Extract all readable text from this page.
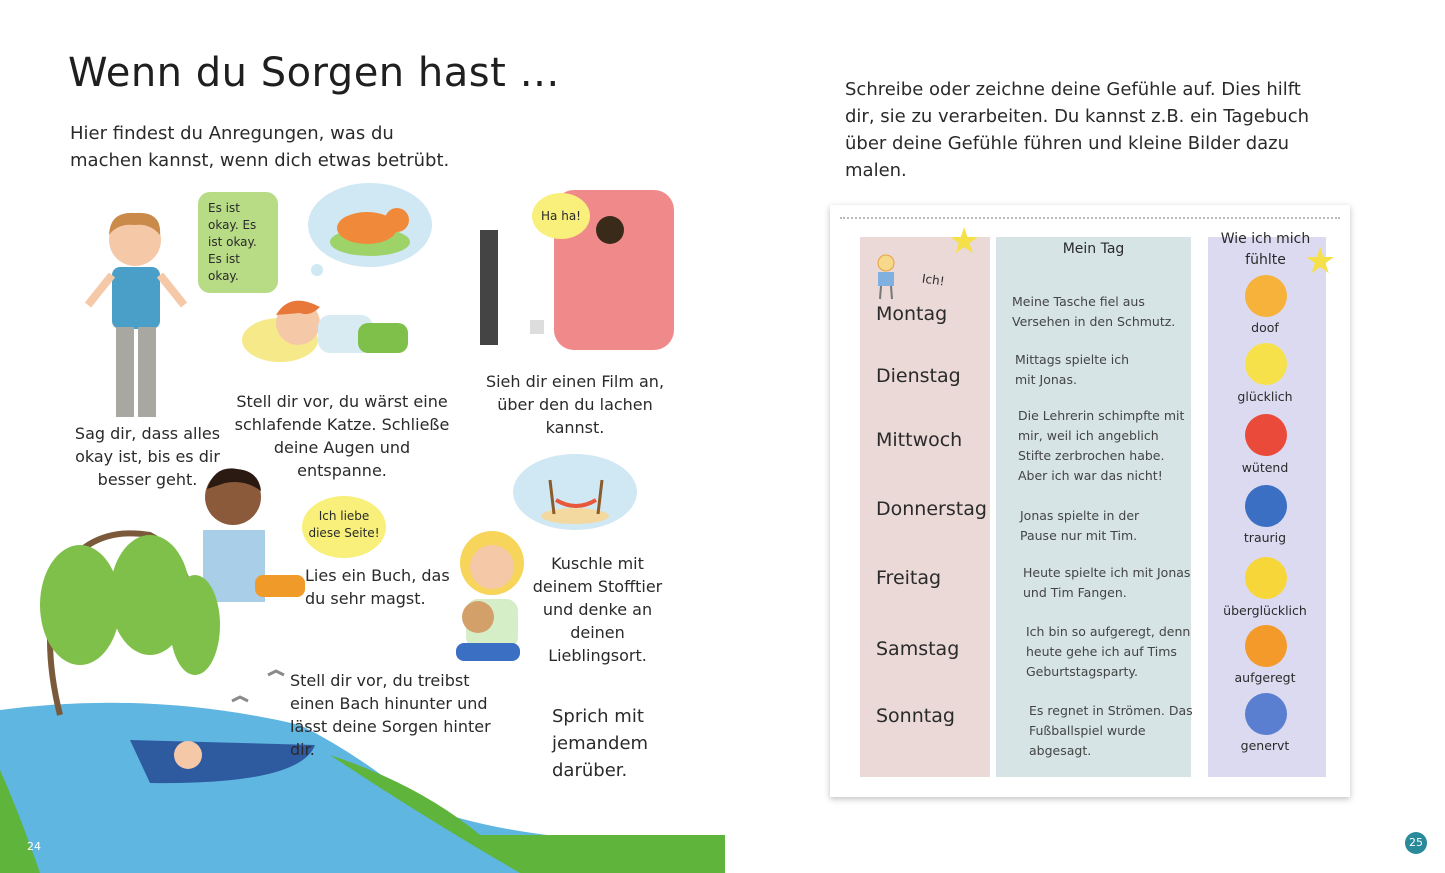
Wenn du Sorgen hast …
Hier findest du Anregungen, was du machen kannst, wenn dich etwas betrübt.
Es ist okay. Es ist okay. Es ist okay.
Ha ha!
Stell dir vor, du wärst eine schlafende Katze. Schließe deine Augen und entspanne.
Sieh dir einen Film an, über den du lachen kannst.
Sag dir, dass alles okay ist, bis es dir besser geht.
Ich liebe diese Seite!
Lies ein Buch, das du sehr magst.
Kuschle mit deinem Stofftier und denke an deinen Lieblingsort.
Stell dir vor, du treibst einen Bach hinunter und lässt deine Sorgen hinter dir.
Sprich mit jemandem darüber.
24
Schreibe oder zeichne deine Gefühle auf. Dies hilft dir, sie zu verarbeiten. Du kannst z.B. ein Tagebuch über deine Gefühle führen und kleine Bilder dazu malen.
Ich!
★	★
Mein Tag
Wie ich mich fühlte
Montag
Dienstag
Mittwoch
Donnerstag
Freitag
Samstag
Sonntag
Meine Tasche fiel aus Versehen in den Schmutz.
Mittags spielte ich mit Jonas.
Die Lehrerin schimpfte mit mir, weil ich angeblich Stifte zerbrochen habe. Aber ich war das nicht!
Jonas spielte in der Pause nur mit Tim.
Heute spielte ich mit Jonas und Tim Fangen.
Ich bin so aufgeregt, denn heute gehe ich auf Tims Geburtstagsparty.
Es regnet in Strömen. Das Fußballspiel wurde abgesagt.
doof
glücklich
wütend
traurig
überglücklich
aufgeregt
genervt
25
